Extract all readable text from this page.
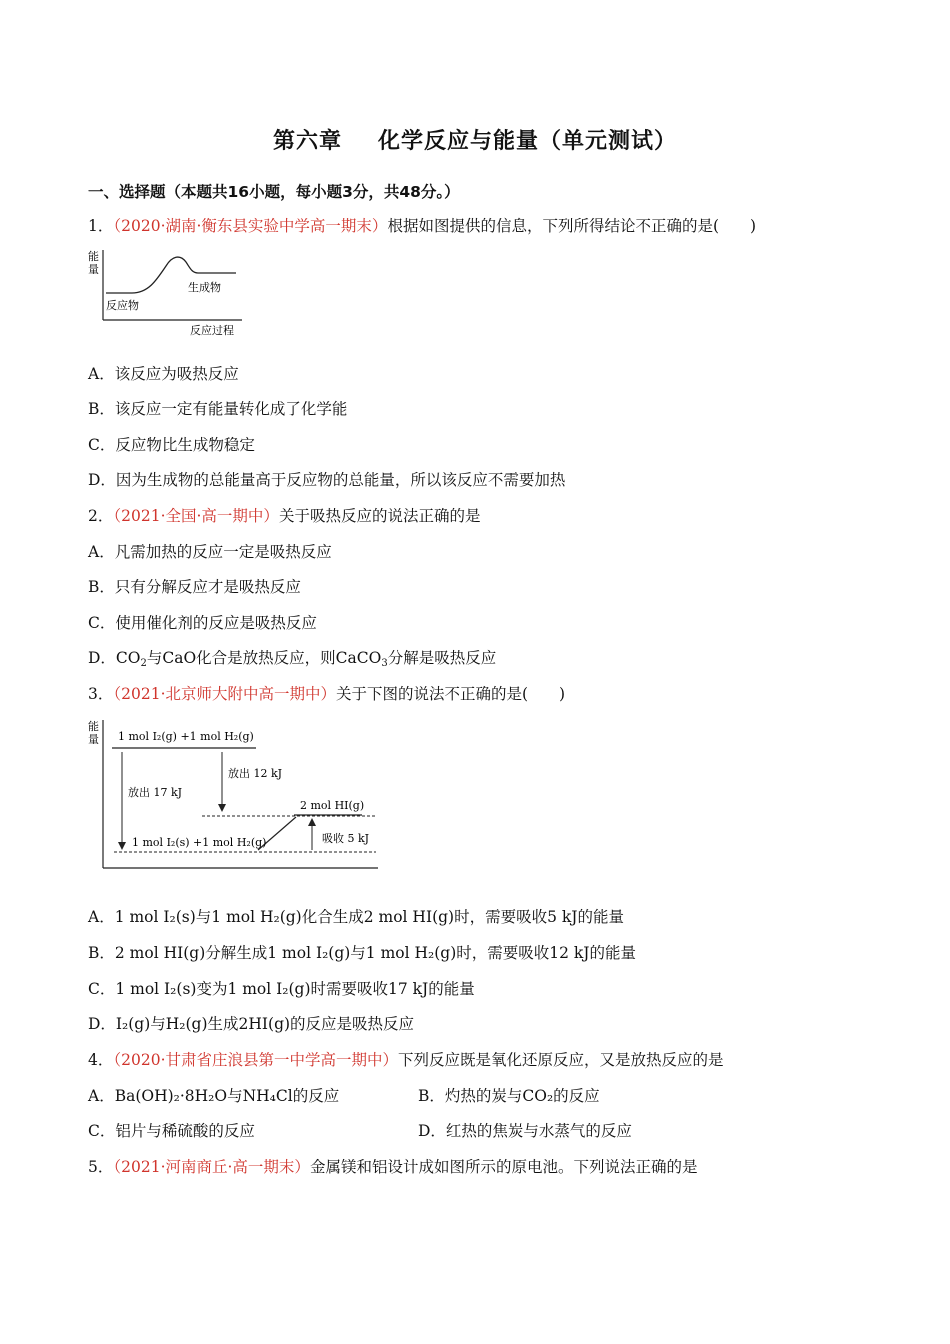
第六章 化学反应与能量（单元测试）
一、选择题（本题共16小题，每小题3分，共48分。）
1．（2020·湖南·衡东县实验中学高一期末）根据如图提供的信息，下列所得结论不正确的是(　　)
能
量
反应物
生成物
反应过程
A．该反应为吸热反应
B．该反应一定有能量转化成了化学能
C．反应物比生成物稳定
D．因为生成物的总能量高于反应物的总能量，所以该反应不需要加热
2．（2021·全国·高一期中）关于吸热反应的说法正确的是
A．凡需加热的反应一定是吸热反应
B．只有分解反应才是吸热反应
C．使用催化剂的反应是吸热反应
D．$CO_2$与CaO化合是放热反应，则CaCO$_3$分解是吸热反应
3．（2021·北京师大附中高一期中）关于下图的说法不正确的是(　　)
能
量 1 mol I₂(g) +1 mol H₂(g)
放出 12 kJ
放出 17 kJ
2 mol HI(g)
1 mol I₂(s) +1 mol H₂(g)	吸收 5 kJ
A．1 mol I₂(s)与1 mol H₂(g)化合生成2 mol HI(g)时，需要吸收5 kJ的能量
B．2 mol HI(g)分解生成1 mol I₂(g)与1 mol H₂(g)时，需要吸收12 kJ的能量
C．1 mol I₂(s)变为1 mol I₂(g)时需要吸收17 kJ的能量
D．I₂(g)与H₂(g)生成2HI(g)的反应是吸热反应
4．（2020·甘肃省庄浪县第一中学高一期中）下列反应既是氧化还原反应，又是放热反应的是
A．Ba(OH)₂·8H₂O与NH₄Cl的反应	B．灼热的炭与CO₂的反应
C．铝片与稀硫酸的反应	D．红热的焦炭与水蒸气的反应
5．（2021·河南商丘·高一期末）金属镁和铝设计成如图所示的原电池。下列说法正确的是
